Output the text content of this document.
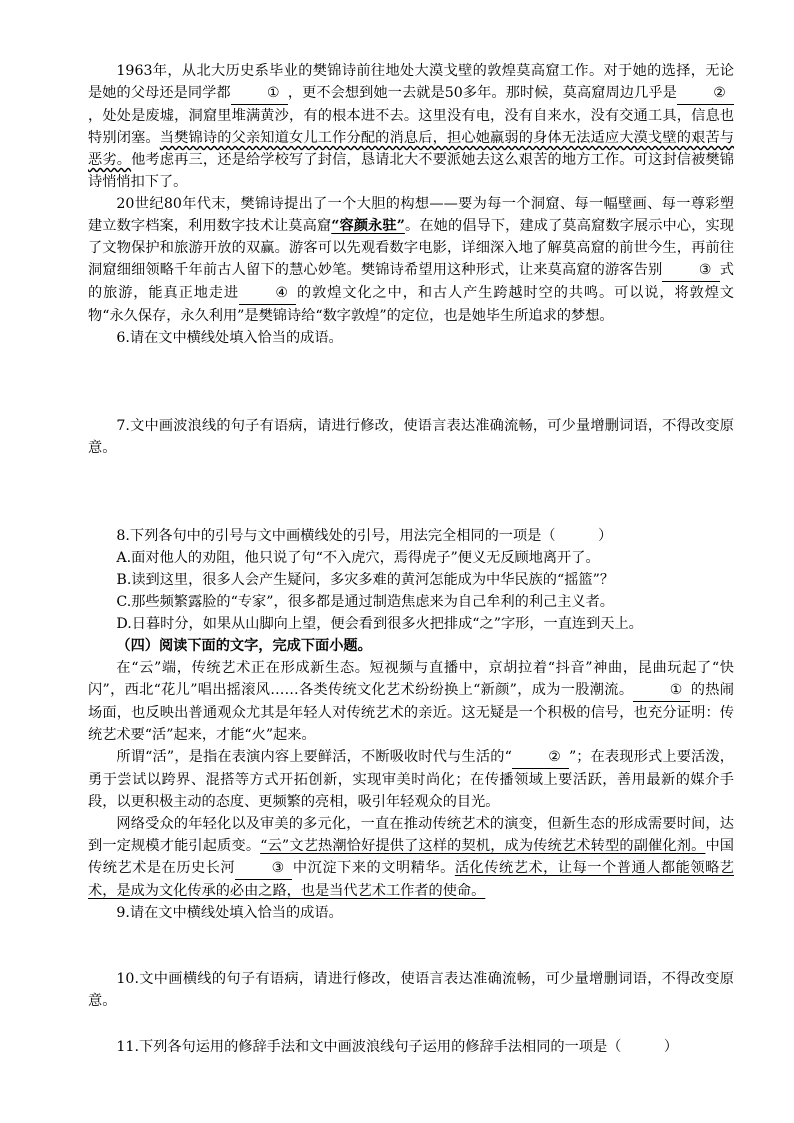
1963年，从北大历史系毕业的樊锦诗前往地处大漠戈壁的敦煌莫高窟工作。对于她的选择，无论是她的父母还是同学都	① ，更不会想到她一去就是50多年。那时候，莫高窟周边几乎是	②，处处是废墟，洞窟里堆满黄沙，有的根本进不去。这里没有电，没有自来水，没有交通工具，信息也特别闭塞。当樊锦诗的父亲知道女儿工作分配的消息后，担心她羸弱的身体无法适应大漠戈壁的艰苦与恶劣。他考虑再三，还是给学校写了封信，恳请北大不要派她去这么艰苦的地方工作。可这封信被樊锦诗悄悄扣下了。

20世纪80年代末，樊锦诗提出了一个大胆的构想——要为每一个洞窟、每一幅壁画、每一尊彩塑建立数字档案，利用数字技术让莫高窟“容颜永驻”。在她的倡导下，建成了莫高窟数字展示中心，实现了文物保护和旅游开放的双赢。游客可以先观看数字电影，详细深入地了解莫高窟的前世今生，再前往洞窟细细领略千年前古人留下的慧心妙笔。樊锦诗希望用这种形式，让来莫高窟的游客告别	③ 式的旅游，能真正地走进	④ 的敦煌文化之中，和古人产生跨越时空的共鸣。可以说，将敦煌文物“永久保存，永久利用”是樊锦诗给“数字敦煌”的定位，也是她毕生所追求的梦想。

6.请在文中横线处填入恰当的成语。

7.文中画波浪线的句子有语病，请进行修改，使语言表达准确流畅，可少量增删词语，不得改变原意。

8.下列各句中的引号与文中画横线处的引号，用法完全相同的一项是（　　　）

A.面对他人的劝阻，他只说了句“不入虎穴，焉得虎子”便义无反顾地离开了。

B.读到这里，很多人会产生疑问，多灾多难的黄河怎能成为中华民族的“摇篮”？

C.那些频繁露脸的“专家”，很多都是通过制造焦虑来为自己牟利的利己主义者。

D.日暮时分，如果从山脚向上望，便会看到很多火把排成“之”字形，一直连到天上。

（四）阅读下面的文字，完成下面小题。

在“云”端，传统艺术正在形成新生态。短视频与直播中，京胡拉着“抖音”神曲，昆曲玩起了“快闪”，西北“花儿”唱出摇滚风……各类传统文化艺术纷纷换上“新颜”，成为一股潮流。	① 的热闹场面，也反映出普通观众尤其是年轻人对传统艺术的亲近。这无疑是一个积极的信号，也充分证明：传统艺术要“活”起来，才能“火”起来。

所谓“活”，是指在表演内容上要鲜活，不断吸收时代与生活的“	② ”；在表现形式上要活泼，勇于尝试以跨界、混搭等方式开拓创新，实现审美时尚化；在传播领域上要活跃，善用最新的媒介手段，以更积极主动的态度、更频繁的亮相，吸引年轻观众的目光。

网络受众的年轻化以及审美的多元化，一直在推动传统艺术的演变，但新生态的形成需要时间，达到一定规模才能引起质变。“云”文艺热潮恰好提供了这样的契机，成为传统艺术转型的副催化剂。中国传统艺术是在历史长河	③ 中沉淀下来的文明精华。活化传统艺术，让每一个普通人都能领略艺术，是成为文化传承的必由之路，也是当代艺术工作者的使命。

9.请在文中横线处填入恰当的成语。

10.文中画横线的句子有语病，请进行修改，使语言表达准确流畅，可少量增删词语，不得改变原意。

11.下列各句运用的修辞手法和文中画波浪线句子运用的修辞手法相同的一项是（　　　）
